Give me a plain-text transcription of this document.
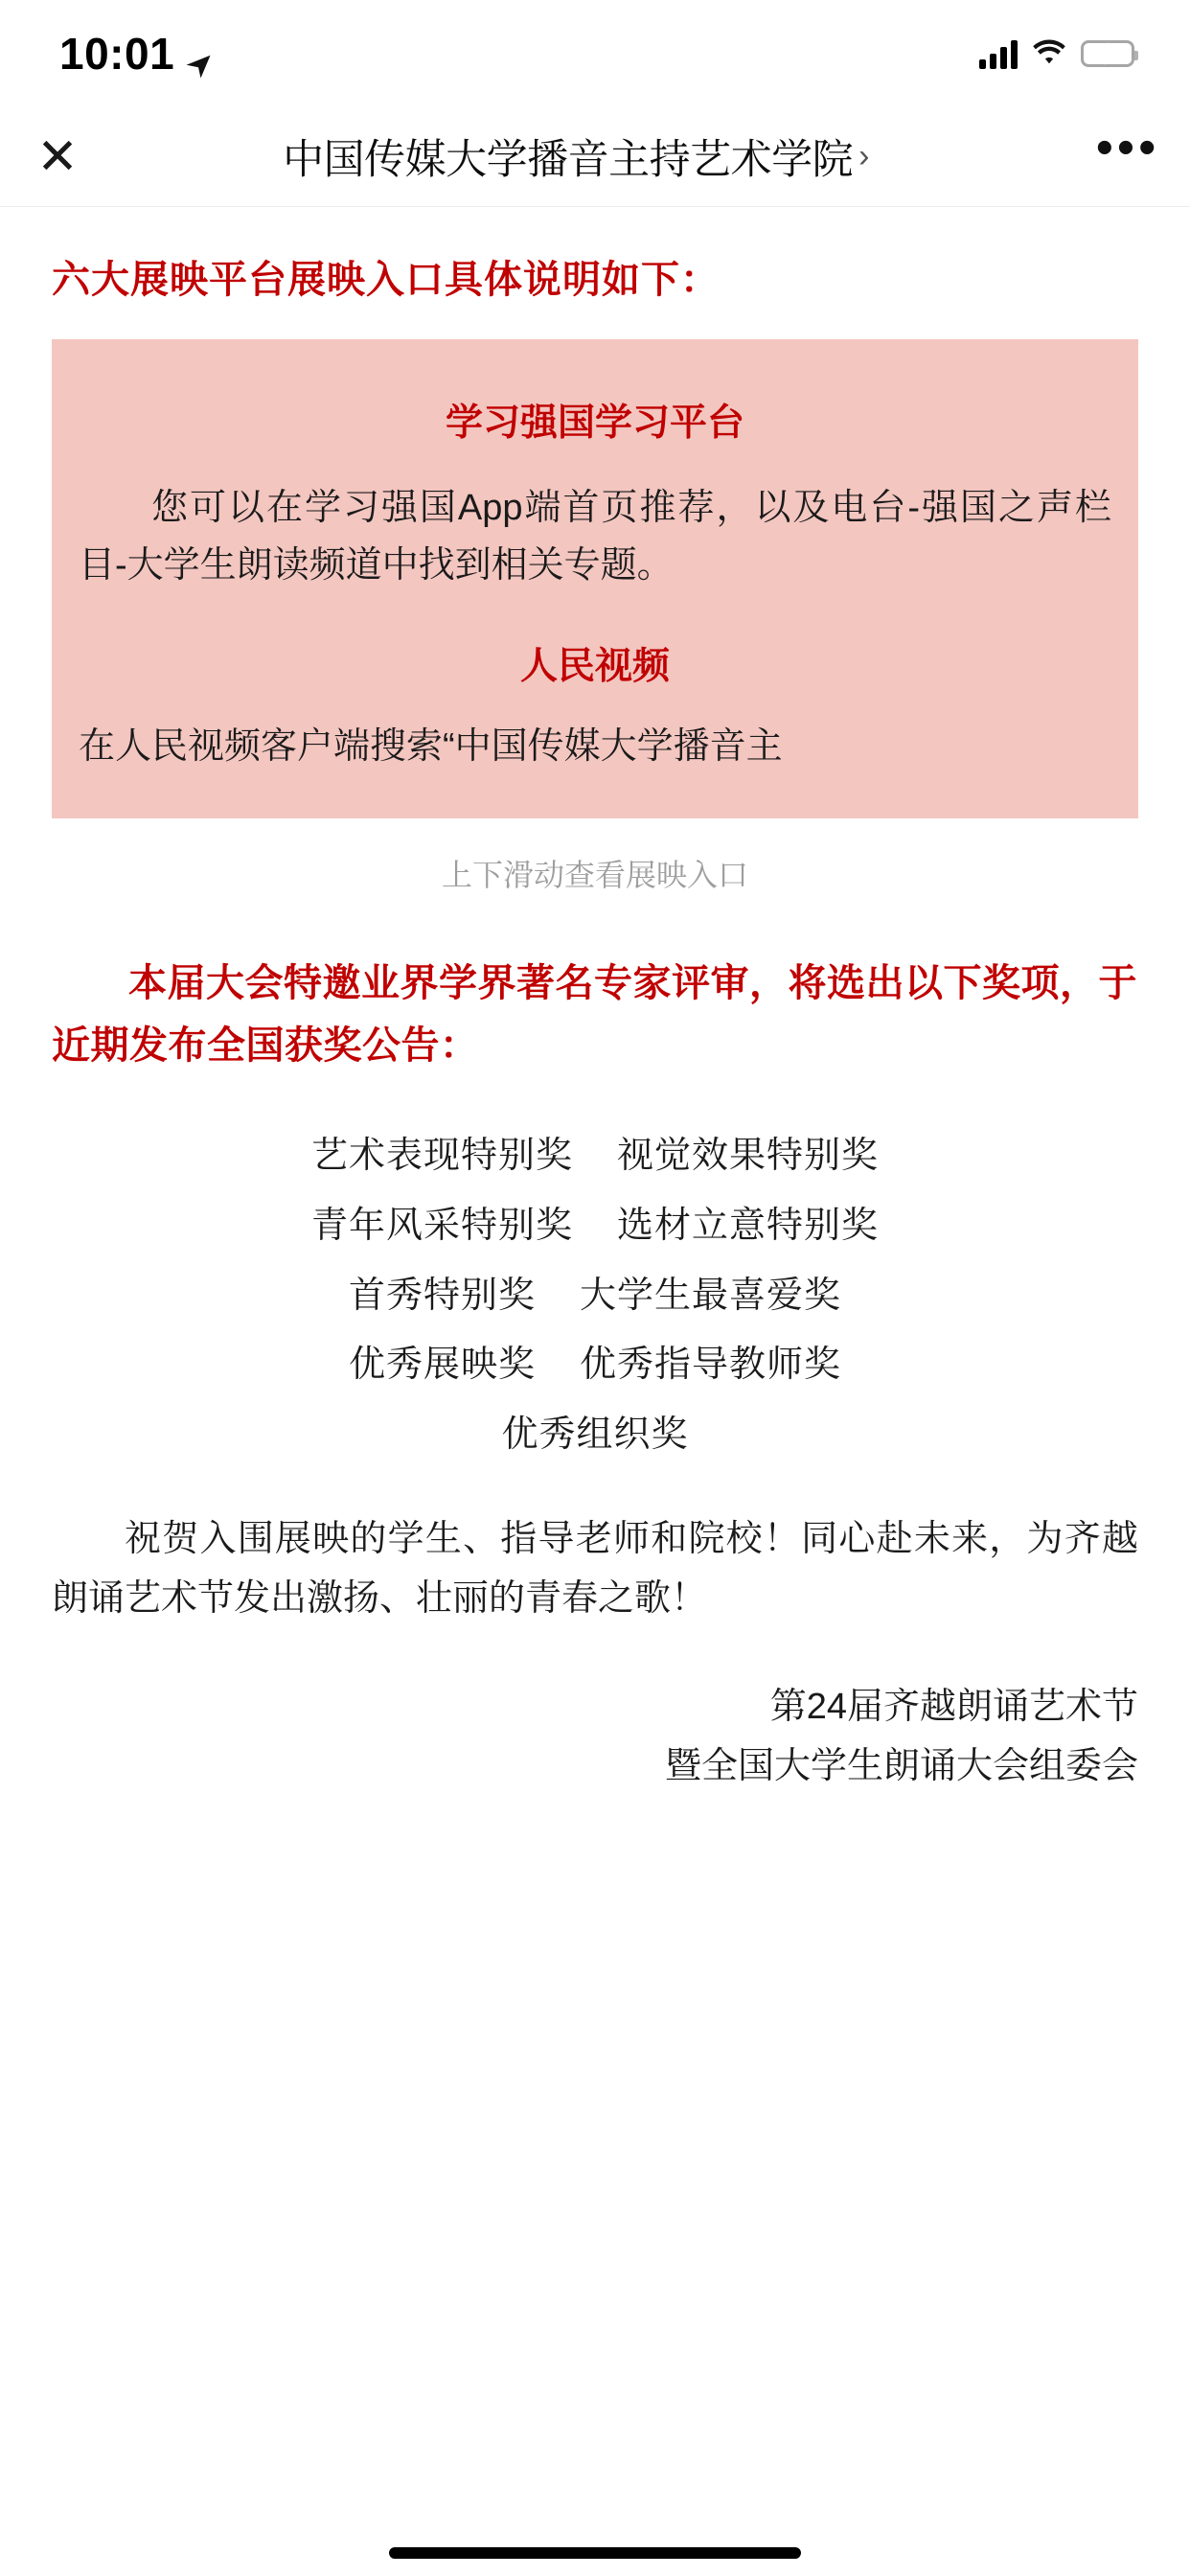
10:01
✕	中国传媒大学播音主持艺术学院 ›	•••
六大展映平台展映入口具体说明如下：
学习强国学习平台
您可以在学习强国App端首页推荐，以及电台-强国之声栏目-大学生朗读频道中找到相关专题。
人民视频
在人民视频客户端搜索“中国传媒大学播音主
上下滑动查看展映入口
本届大会特邀业界学界著名专家评审，将选出以下奖项，于近期发布全国获奖公告：
艺术表现特别奖 视觉效果特别奖
青年风采特别奖 选材立意特别奖
首秀特别奖 大学生最喜爱奖
优秀展映奖 优秀指导教师奖
优秀组织奖
祝贺入围展映的学生、指导老师和院校！同心赴未来，为齐越朗诵艺术节发出激扬、壮丽的青春之歌！
第24届齐越朗诵艺术节
暨全国大学生朗诵大会组委会
